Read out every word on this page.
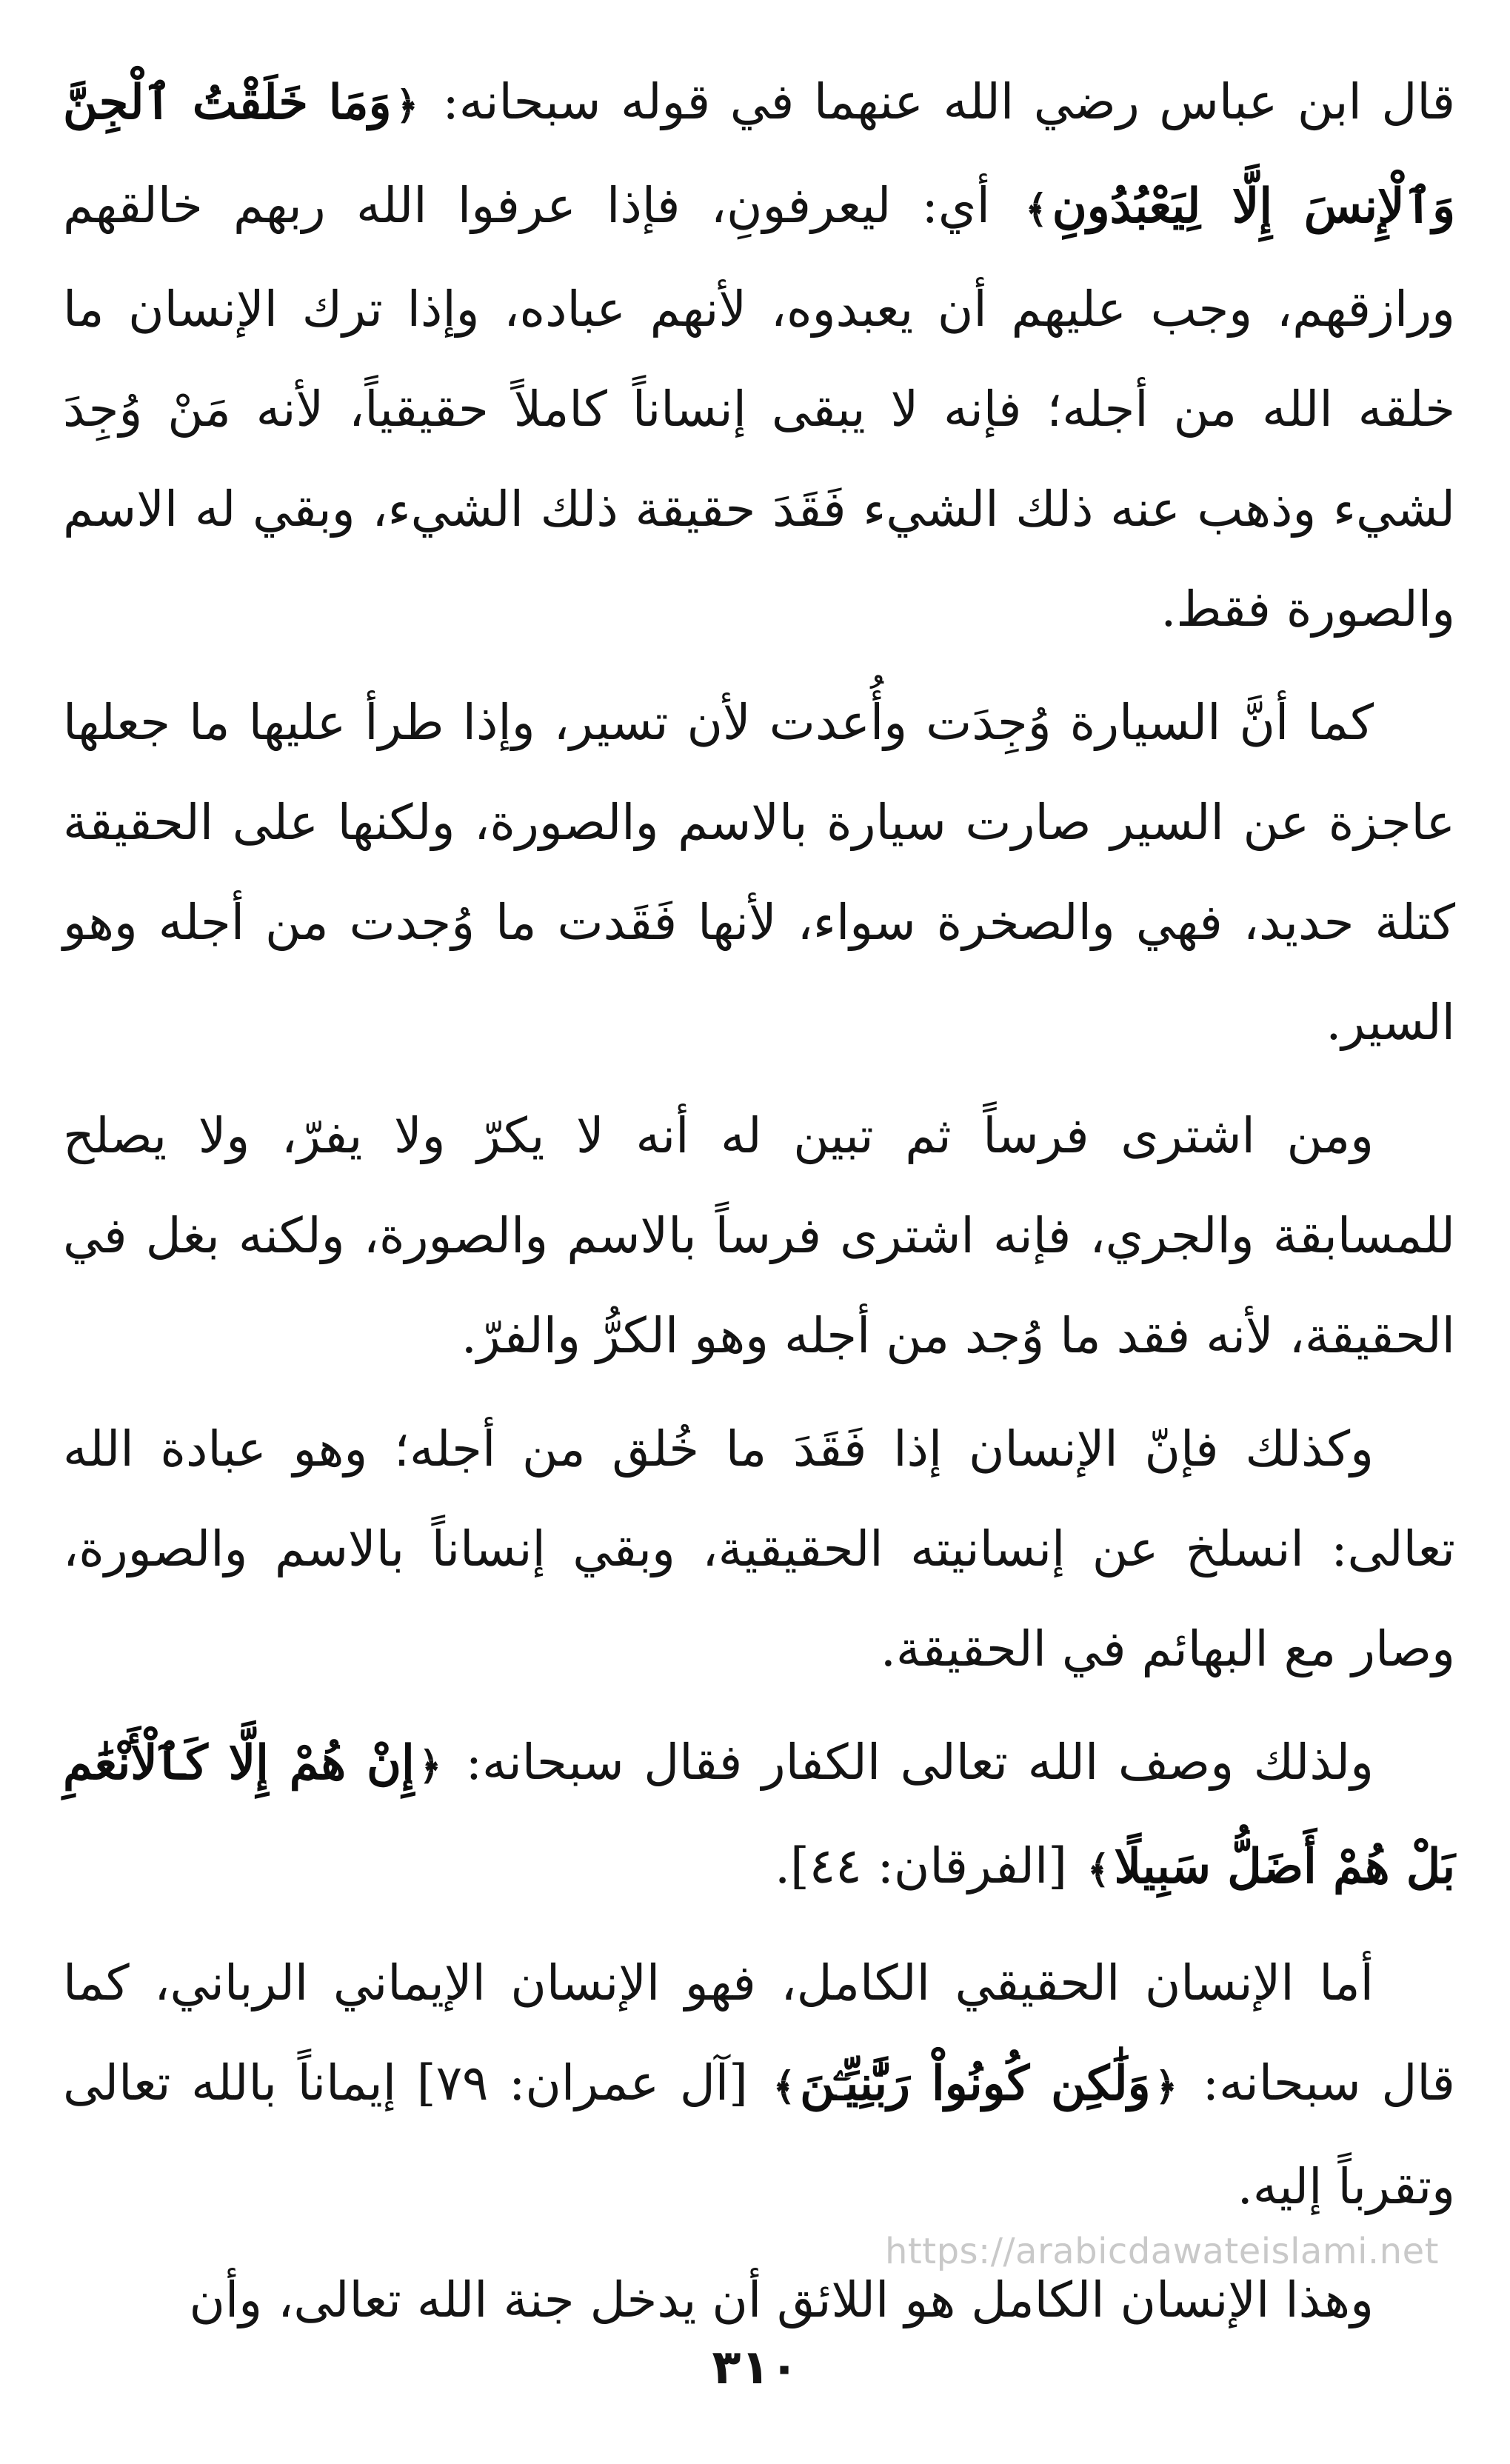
قال ابن عباس رضي الله عنهما في قوله سبحانه: ﴿وَمَا خَلَقْتُ ٱلْجِنَّ وَٱلْإِنسَ إِلَّا لِيَعْبُدُونِ﴾ أي: ليعرفونِ، فإذا عرفوا الله ربهم خالقهم ورازقهم، وجب عليهم أن يعبدوه، لأنهم عباده، وإذا ترك الإنسان ما خلقه الله من أجله؛ فإنه لا يبقى إنساناً كاملاً حقيقياً، لأنه مَنْ وُجِدَ لشيء وذهب عنه ذلك الشيء فَقَدَ حقيقة ذلك الشيء، وبقي له الاسم والصورة فقط.

كما أنَّ السيارة وُجِدَت وأُعدت لأن تسير، وإذا طرأ عليها ما جعلها عاجزة عن السير صارت سيارة بالاسم والصورة، ولكنها على الحقيقة كتلة حديد، فهي والصخرة سواء، لأنها فَقَدت ما وُجدت من أجله وهو السير.

ومن اشترى فرساً ثم تبين له أنه لا يكرّ ولا يفرّ، ولا يصلح للمسابقة والجري، فإنه اشترى فرساً بالاسم والصورة، ولكنه بغل في الحقيقة، لأنه فقد ما وُجد من أجله وهو الكرُّ والفرّ.

وكذلك فإنّ الإنسان إذا فَقَدَ ما خُلق من أجله؛ وهو عبادة الله تعالى: انسلخ عن إنسانيته الحقيقية، وبقي إنساناً بالاسم والصورة، وصار مع البهائم في الحقيقة.

ولذلك وصف الله تعالى الكفار فقال سبحانه: ﴿إِنْ هُمْ إِلَّا كَٱلْأَنْعَٰمِ بَلْ هُمْ أَضَلُّ سَبِيلًا﴾ [الفرقان: ٤٤].

أما الإنسان الحقيقي الكامل، فهو الإنسان الإيماني الرباني، كما قال سبحانه: ﴿وَلَٰكِن كُونُواْ رَبَّٰنِيِّـۧنَ﴾ [آل عمران: ٧٩] إيماناً بالله تعالى وتقرباً إليه.

وهذا الإنسان الكامل هو اللائق أن يدخل جنة الله تعالى، وأن

https://arabicdawateislami.net
٣١٠
